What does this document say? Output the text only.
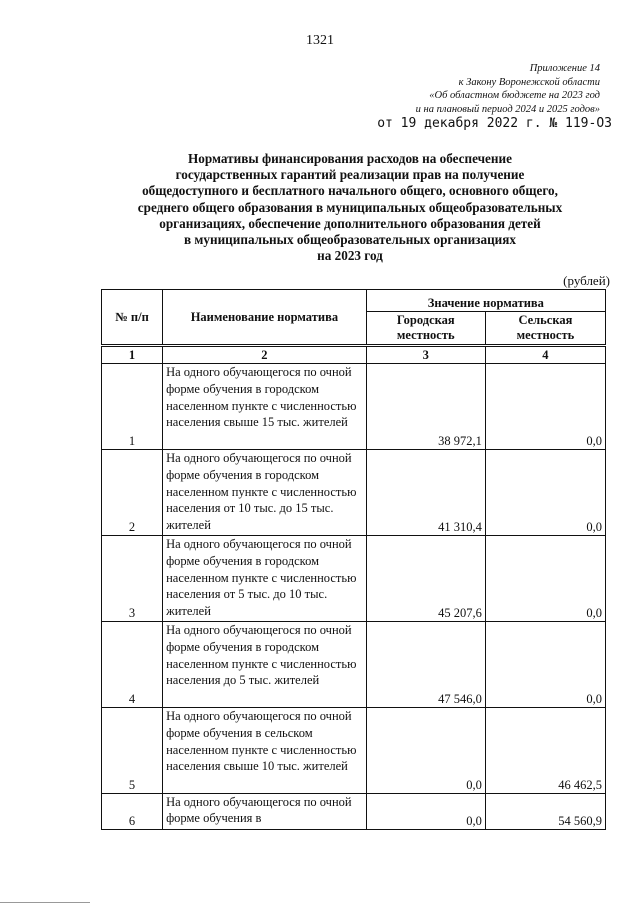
1321
Приложение 14
к Закону Воронежской области
«Об областном бюджете на 2023 год
и на плановый период 2024 и 2025 годов»
от 19 декабря 2022 г. № 119-ОЗ
Нормативы финансирования расходов на обеспечение
государственных гарантий реализации прав на получение
общедоступного и бесплатного начального общего, основного общего,
среднего общего образования в муниципальных общеобразовательных
организациях, обеспечение дополнительного образования детей
в муниципальных общеобразовательных организациях
на 2023 год
(рублей)
№ п/п	Наименование норматива	Значение норматива	
		Городская местность	Сельская местность
1	2	3	4
1	На одного обучающегося по очной форме обучения в городском населенном пункте с численностью населения свыше 15 тыс. жителей	38 972,1	0,0
2	На одного обучающегося по очной форме обучения в городском населенном пункте с численностью населения от 10 тыс. до 15 тыс. жителей	41 310,4	0,0
3	На одного обучающегося по очной форме обучения в городском населенном пункте с численностью населения от 5 тыс. до 10 тыс. жителей	45 207,6	0,0
4	На одного обучающегося по очной форме обучения в городском населенном пункте с численностью населения до 5 тыс. жителей	47 546,0	0,0
5	На одного обучающегося по очной форме обучения в сельском населенном пункте с численностью населения свыше 10 тыс. жителей	0,0	46 462,5
6	На одного обучающегося по очной форме обучения в	0,0	54 560,9
